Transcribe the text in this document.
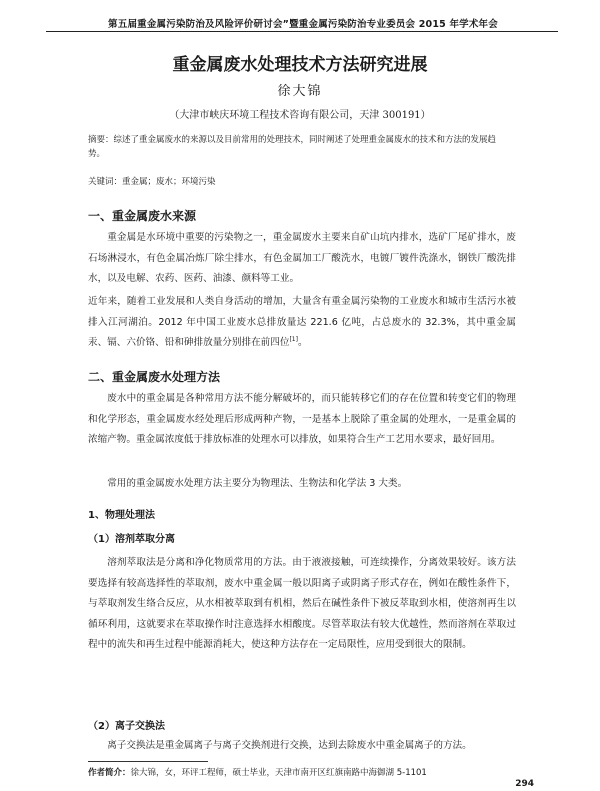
第五届重金属污染防治及风险评价研讨会”暨重金属污染防治专业委员会 2015 年学术年会
重金属废水处理技术方法研究进展
徐大锦
（大津市峡庆环境工程技术咨询有限公司，天津 300191）
摘要：综述了重金属废水的来源以及目前常用的处理技术，同时阐述了处理重金属废水的技术和方法的发展趋势。
关键词：重金属；废水；环境污染
一、重金属废水来源
重金属是水环境中重要的污染物之一，重金属废水主要来自矿山坑内排水，选矿厂尾矿排水，废石场淋浸水，有色金属冶炼厂除尘排水，有色金属加工厂酸洗水，电镀厂镀件洗涤水，钢铁厂酸洗排水，以及电解、农药、医药、油漆、颜料等工业。
近年来，随着工业发展和人类自身活动的增加，大量含有重金属污染物的工业废水和城市生活污水被排入江河湖泊。2012 年中国工业废水总排放量达 221.6 亿吨，占总废水的 32.3%，其中重金属汞、镉、六价铬、铅和砷排放量分别排在前四位[1]。
二、重金属废水处理方法
废水中的重金属是各种常用方法不能分解破坏的，而只能转移它们的存在位置和转变它们的物理和化学形态，重金属废水经处理后形成两种产物，一是基本上脱除了重金属的处理水，一是重金属的浓缩产物。重金属浓度低于排放标准的处理水可以排放，如果符合生产工艺用水要求，最好回用。
常用的重金属废水处理方法主要分为物理法、生物法和化学法 3 大类。
1、物理处理法
（1）溶剂萃取分离
溶剂萃取法是分离和净化物质常用的方法。由于液液接触，可连续操作，分离效果较好。该方法要选择有较高选择性的萃取剂，废水中重金属一般以阳离子或阴离子形式存在，例如在酸性条件下，与萃取剂发生络合反应，从水相被萃取到有机相，然后在碱性条件下被反萃取到水相，使溶剂再生以循环利用，这就要求在萃取操作时注意选择水相酸度。尽管萃取法有较大优越性，然而溶剂在萃取过程中的流失和再生过程中能源消耗大，使这种方法存在一定局限性，应用受到很大的限制。
（2）离子交换法
离子交换法是重金属离子与离子交换剂进行交换，达到去除废水中重金属离子的方法。
作者简介：徐大锦，女，环评工程师，硕士毕业，天津市南开区红旗南路中海御湖 5-1101
294
